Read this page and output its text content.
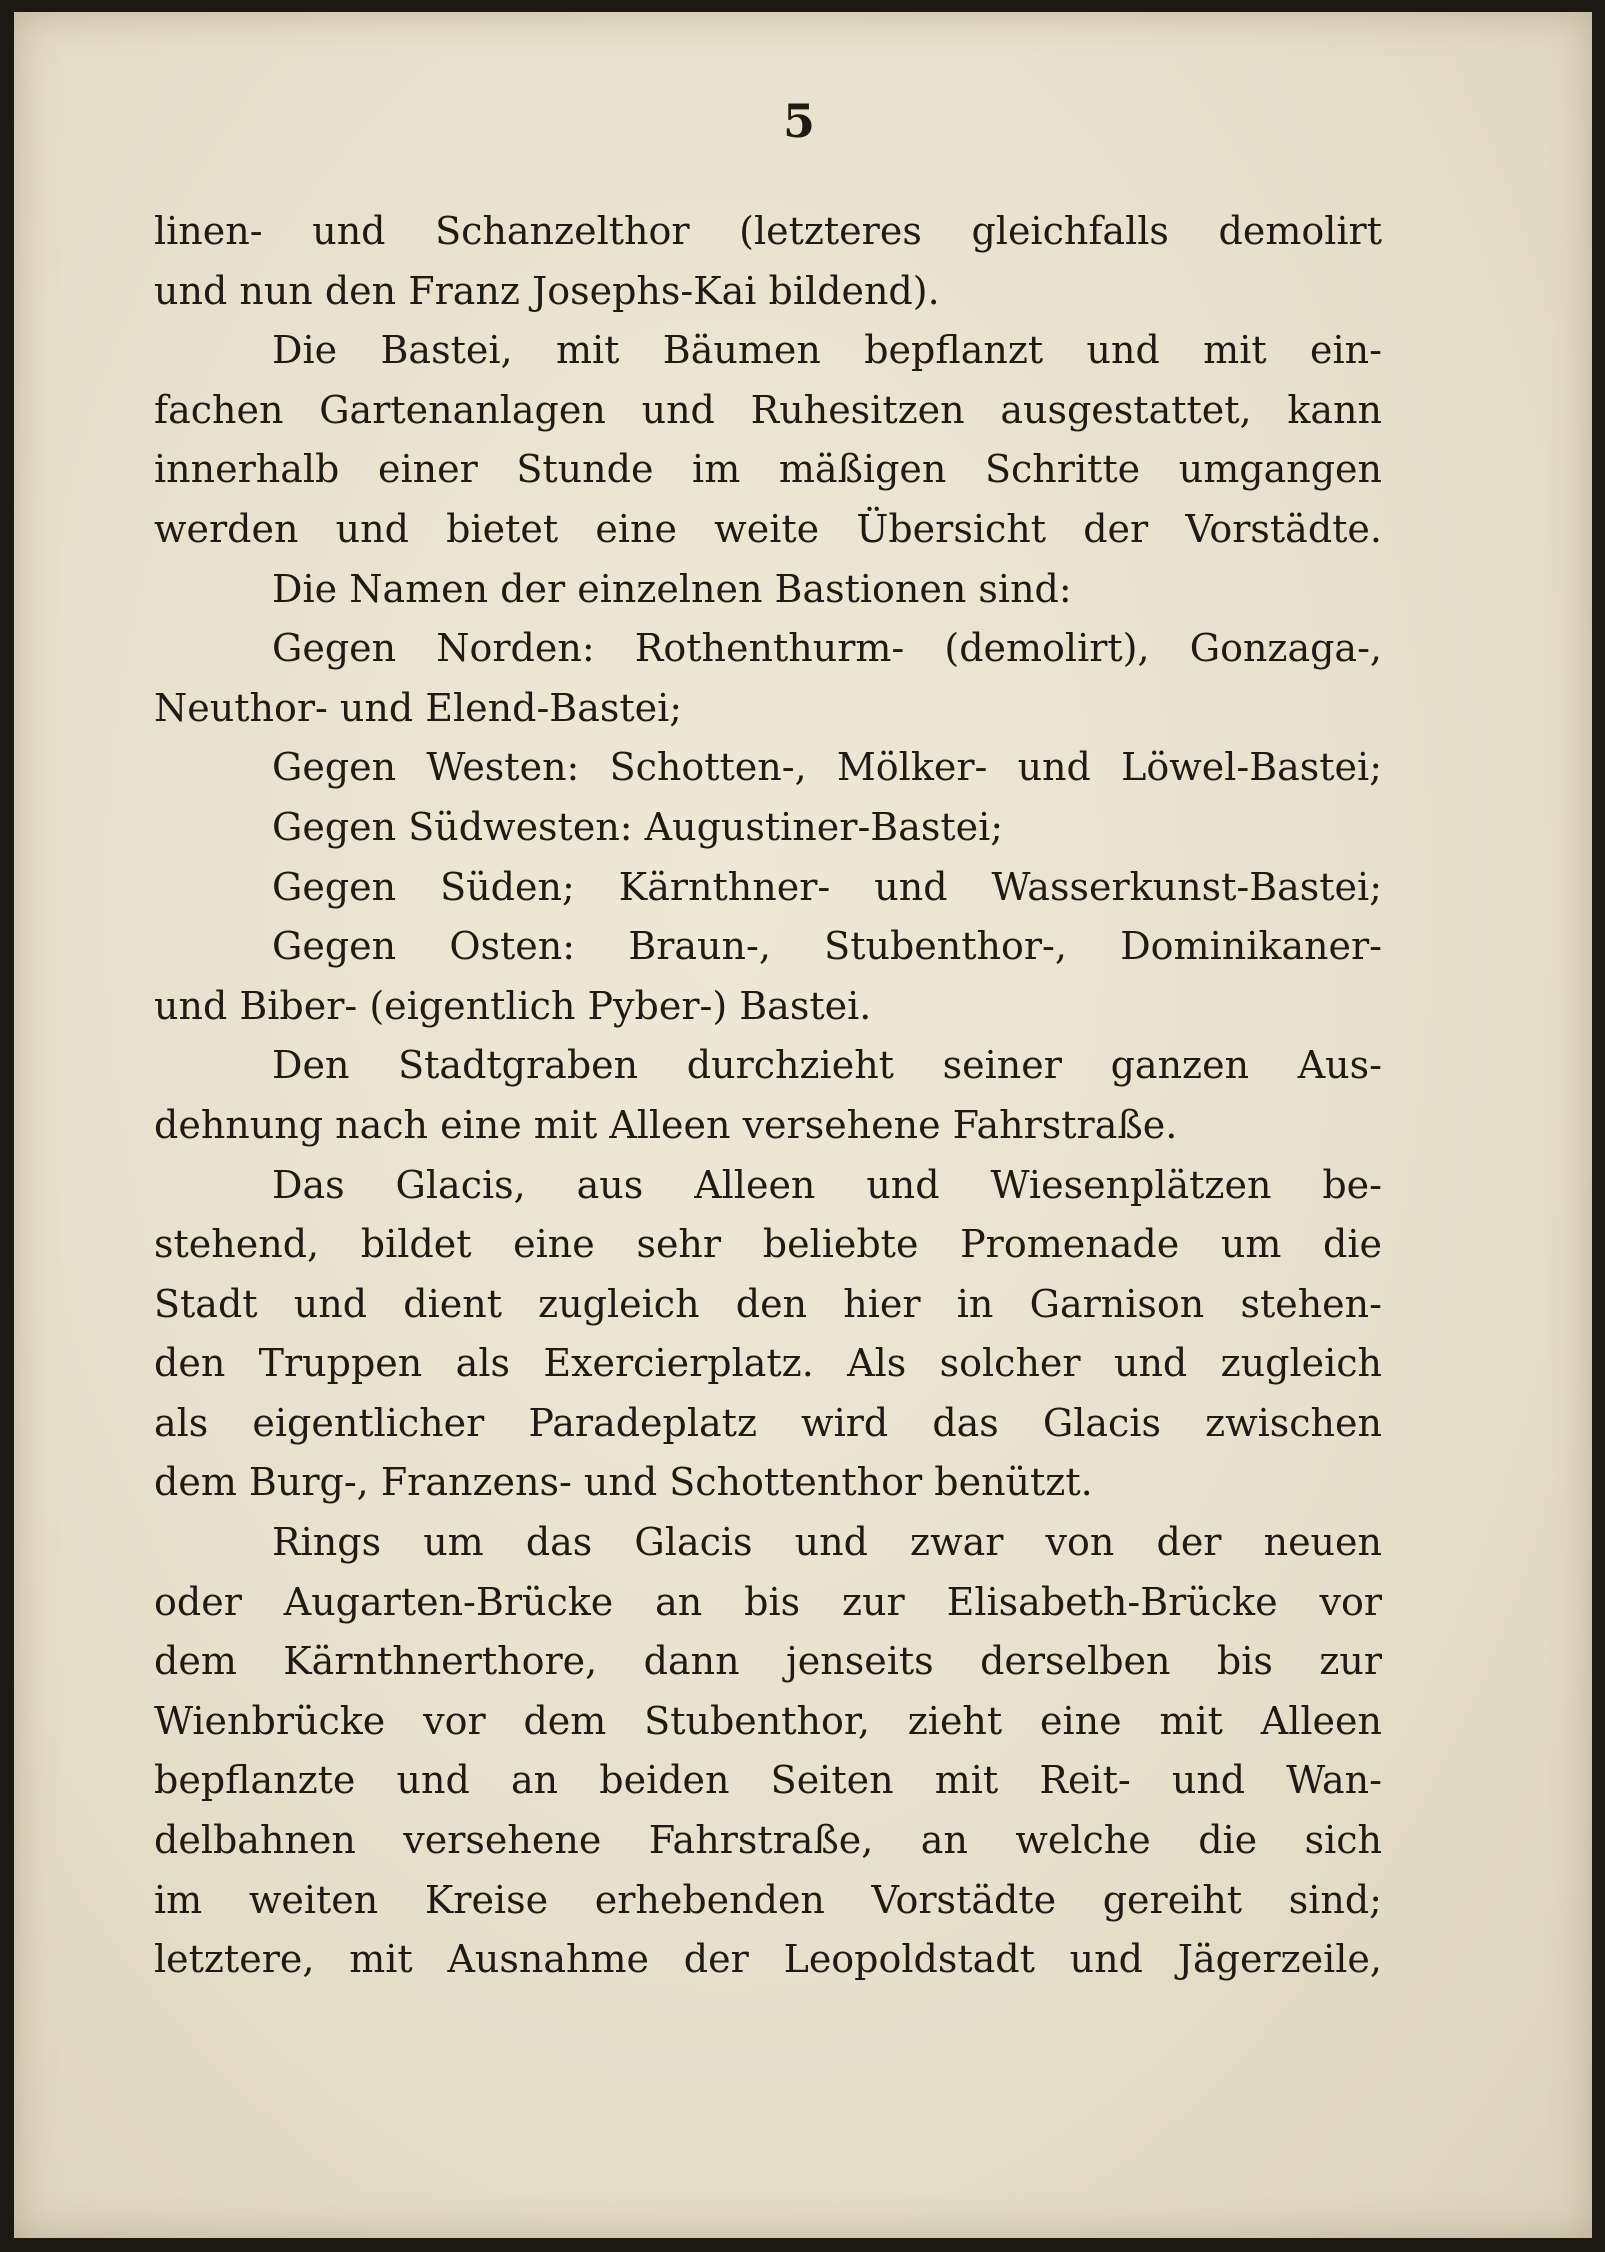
5
linen- und Schanzelthor (letzteres gleichfalls demolirt
und nun den Franz Josephs-Kai bildend).
Die Bastei, mit Bäumen bepflanzt und mit ein-
fachen Gartenanlagen und Ruhesitzen ausgestattet, kann
innerhalb einer Stunde im mäßigen Schritte umgangen
werden und bietet eine weite Übersicht der Vorstädte.
Die Namen der einzelnen Bastionen sind:
Gegen Norden: Rothenthurm- (demolirt), Gonzaga-,
Neuthor- und Elend-Bastei;
Gegen Westen: Schotten-, Mölker- und Löwel-Bastei;
Gegen Südwesten: Augustiner-Bastei;
Gegen Süden; Kärnthner- und Wasserkunst-Bastei;
Gegen Osten: Braun-, Stubenthor-, Dominikaner-
und Biber- (eigentlich Pyber-) Bastei.
Den Stadtgraben durchzieht seiner ganzen Aus-
dehnung nach eine mit Alleen versehene Fahrstraße.
Das Glacis, aus Alleen und Wiesenplätzen be-
stehend, bildet eine sehr beliebte Promenade um die
Stadt und dient zugleich den hier in Garnison stehen-
den Truppen als Exercierplatz. Als solcher und zugleich
als eigentlicher Paradeplatz wird das Glacis zwischen
dem Burg-, Franzens- und Schottenthor benützt.
Rings um das Glacis und zwar von der neuen
oder Augarten-Brücke an bis zur Elisabeth-Brücke vor
dem Kärnthnerthore, dann jenseits derselben bis zur
Wienbrücke vor dem Stubenthor, zieht eine mit Alleen
bepflanzte und an beiden Seiten mit Reit- und Wan-
delbahnen versehene Fahrstraße, an welche die sich
im weiten Kreise erhebenden Vorstädte gereiht sind;
letztere, mit Ausnahme der Leopoldstadt und Jägerzeile,
